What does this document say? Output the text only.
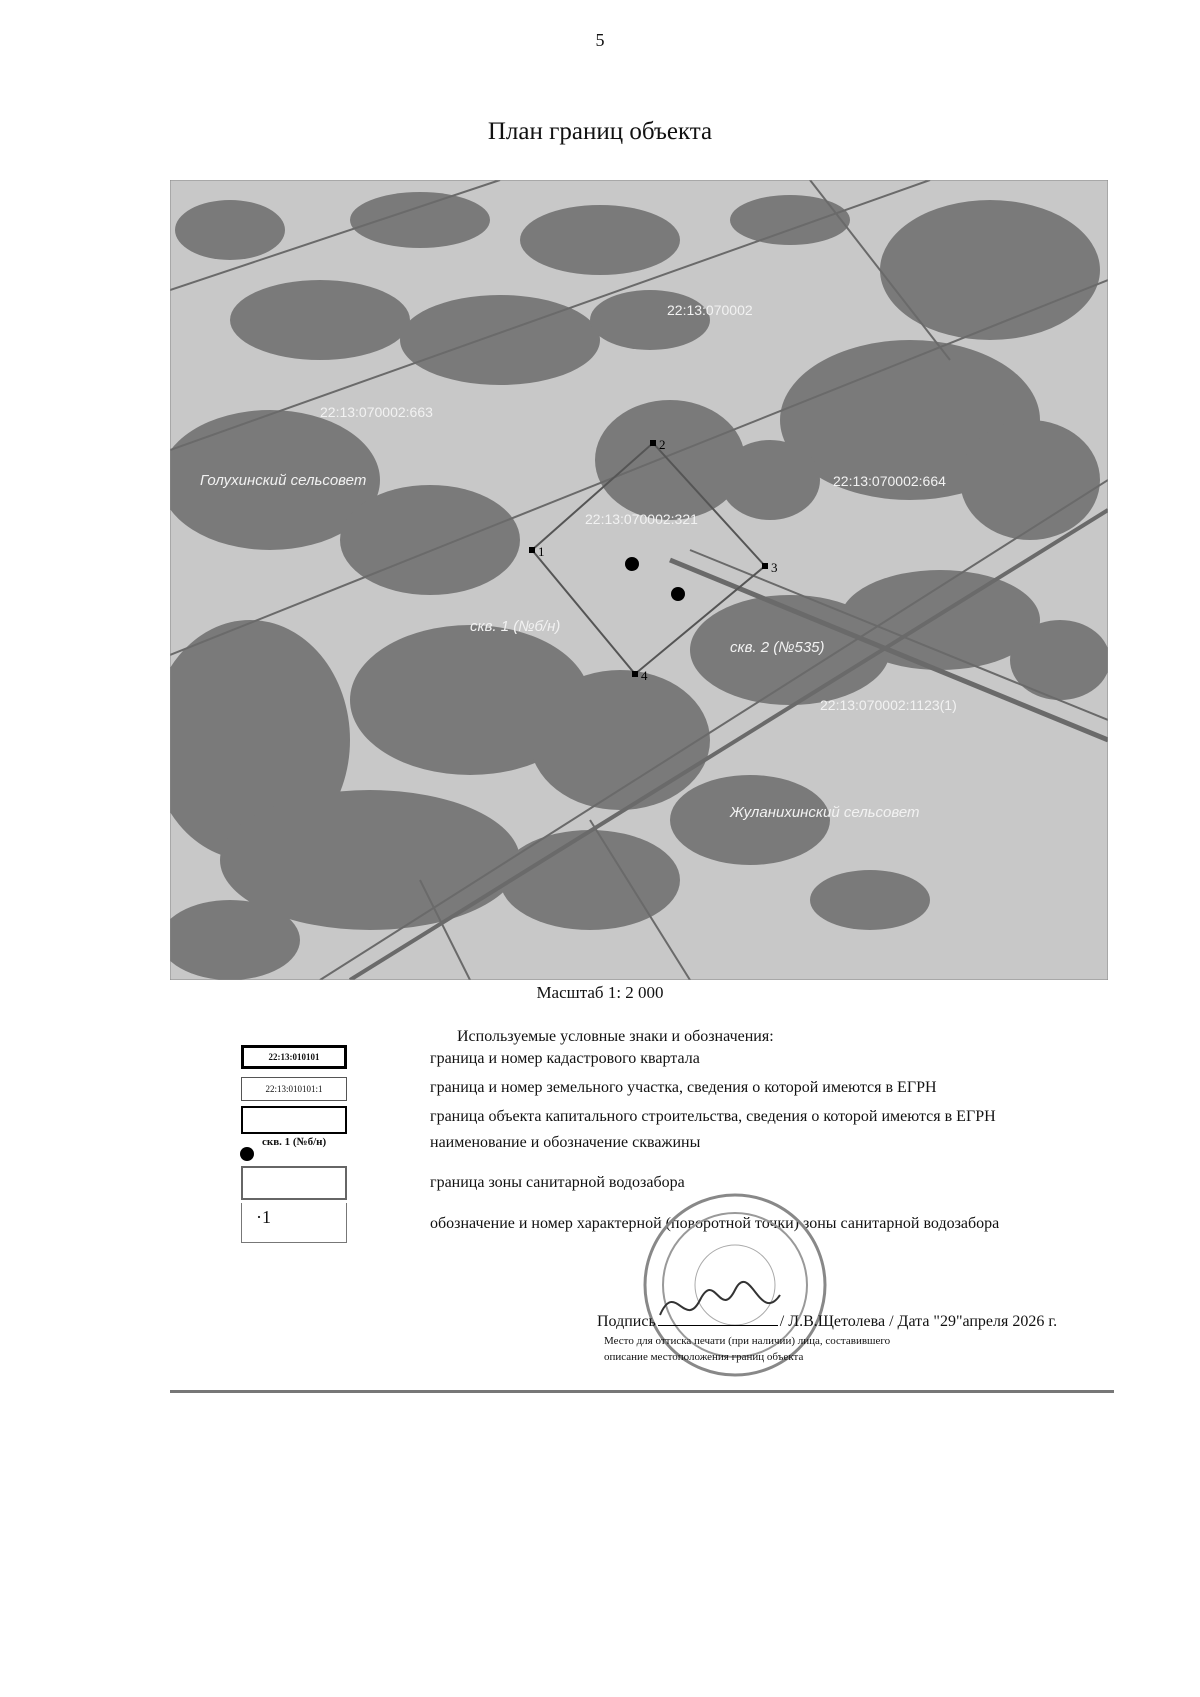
5
План границ объекта
22:13:070002
22:13:070002:663
22:13:070002:664
22:13:070002:321
22:13:070002:1123(1)
Голухинский сельсовет
Жуланихинский сельсовет
скв. 1 (№б/н)
скв. 2 (№535)
1
2
3
4
Масштаб 1: 2 000
Используемые условные знаки и обозначения:
22:13:010101	граница и номер кадастрового квартала
22:13:010101:1	граница и номер земельного участка, сведения о которой имеются в ЕГРН
граница объекта капитального строительства, сведения о которой имеются в ЕГРН
скв. 1 (№б/н)	наименование и обозначение скважины
граница зоны санитарной водозабора
·1	обозначение и номер характерной (поворотной точки) зоны санитарной водозабора
Подпись	/ Л.В.Щетолева / Дата "29"апреля 2026 г.
Место для оттиска печати (при наличии) лица, составившего
описание местоположения границ объекта
